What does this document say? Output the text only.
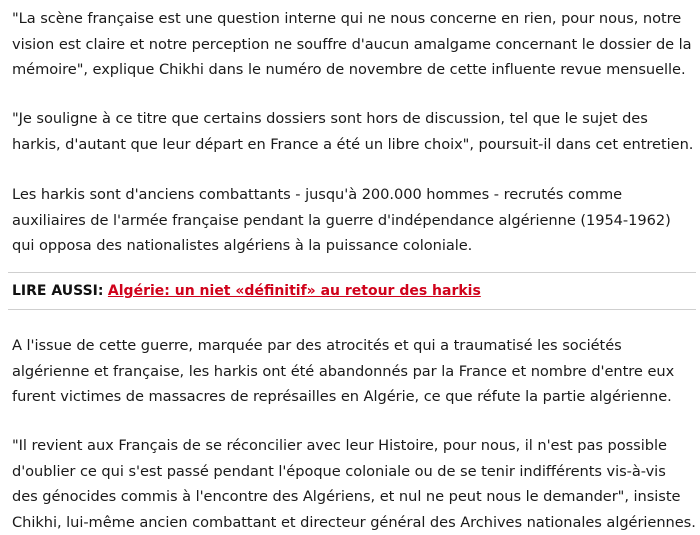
"La scène française est une question interne qui ne nous concerne en rien, pour nous, notre vision est claire et notre perception ne souffre d'aucun amalgame concernant le dossier de la mémoire", explique Chikhi dans le numéro de novembre de cette influente revue mensuelle.

"Je souligne à ce titre que certains dossiers sont hors de discussion, tel que le sujet des harkis, d'autant que leur départ en France a été un libre choix", poursuit-il dans cet entretien.

Les harkis sont d'anciens combattants - jusqu'à 200.000 hommes - recrutés comme auxiliaires de l'armée française pendant la guerre d'indépendance algérienne (1954-1962) qui opposa des nationalistes algériens à la puissance coloniale.

LIRE AUSSI: Algérie: un niet «définitif» au retour des harkis

A l'issue de cette guerre, marquée par des atrocités et qui a traumatisé les sociétés algérienne et française, les harkis ont été abandonnés par la France et nombre d'entre eux furent victimes de massacres de représailles en Algérie, ce que réfute la partie algérienne.

"Il revient aux Français de se réconcilier avec leur Histoire, pour nous, il n'est pas possible d'oublier ce qui s'est passé pendant l'époque coloniale ou de se tenir indifférents vis-à-vis des génocides commis à l'encontre des Algériens, et nul ne peut nous le demander", insiste Chikhi, lui-même ancien combattant et directeur général des Archives nationales algériennes.
